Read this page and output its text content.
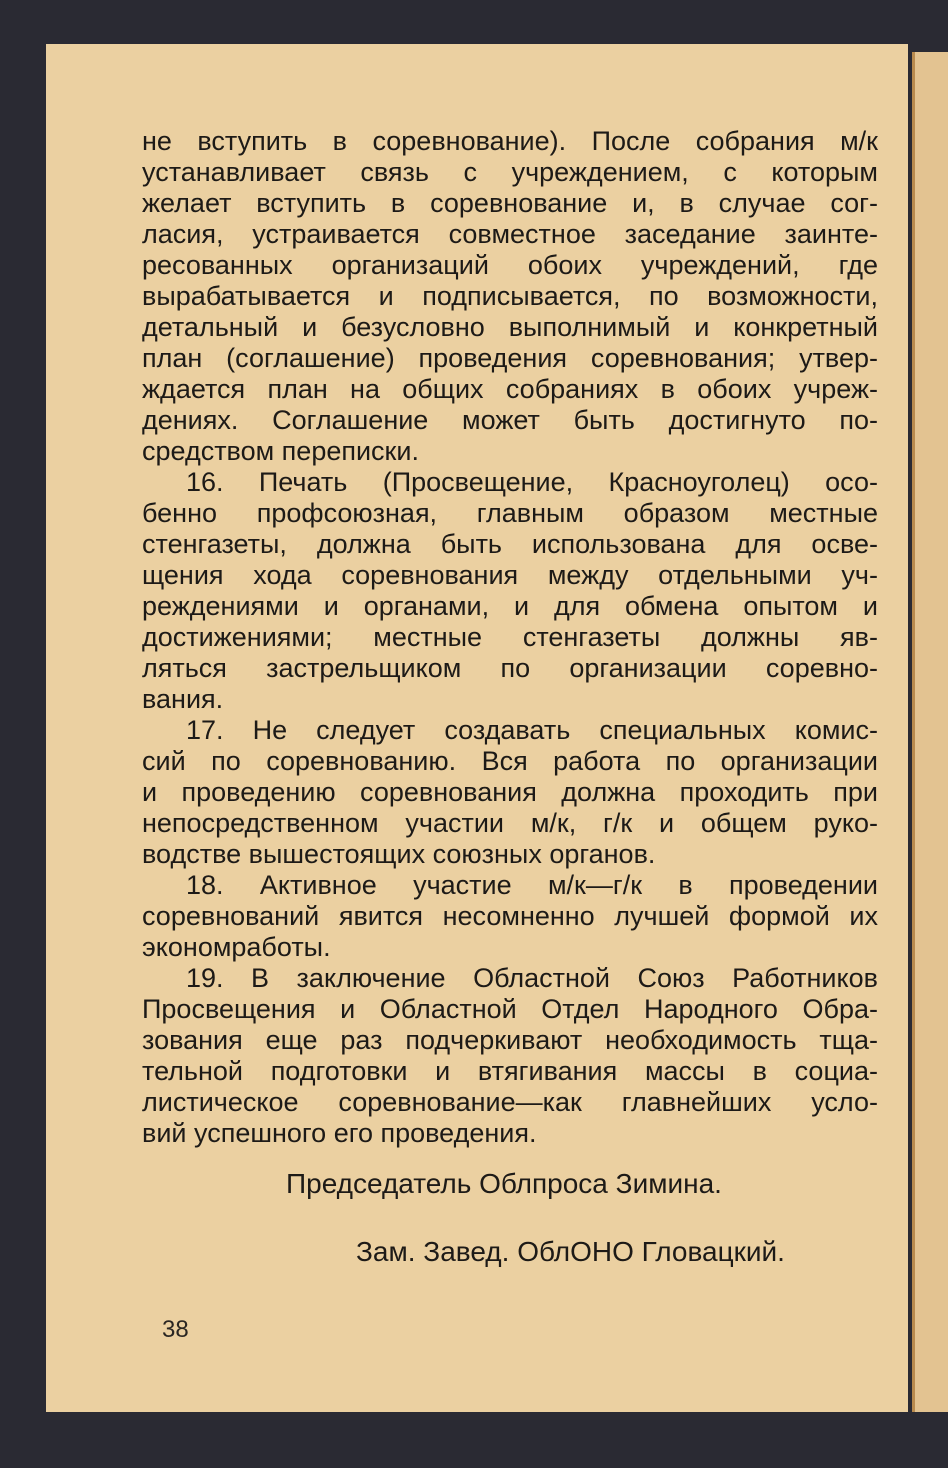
не вступить в соревнование). После собрания м/к
устанавливает связь с учреждением, с которым
желает вступить в соревнование и, в случае сог-
ласия, устраивается совместное заседание заинте-
ресованных организаций обоих учреждений, где
вырабатывается и подписывается, по возможности,
детальный и безусловно выполнимый и конкретный
план (соглашение) проведения соревнования; утвер-
ждается план на общих собраниях в обоих учреж-
дениях. Соглашение может быть достигнуто по-
средством переписки.
16. Печать (Просвещение, Красноуголец) осо-
бенно профсоюзная, главным образом местные
стенгазеты, должна быть использована для осве-
щения хода соревнования между отдельными уч-
реждениями и органами, и для обмена опытом и
достижениями; местные стенгазеты должны яв-
ляться застрельщиком по организации соревно-
вания.
17. Не следует создавать специальных комис-
сий по соревнованию. Вся работа по организации
и проведению соревнования должна проходить при
непосредственном участии м/к, г/к и общем руко-
водстве вышестоящих союзных органов.
18. Активное участие м/к—г/к в проведении
соревнований явится несомненно лучшей формой их
экономработы.
19. В заключение Областной Союз Работников
Просвещения и Областной Отдел Народного Обра-
зования еще раз подчеркивают необходимость тща-
тельной подготовки и втягивания массы в социа-
листическое соревнование—как главнейших усло-
вий успешного его проведения.
Председатель Облпроса Зимина.
Зам. Завед. ОблОНО Гловацкий.
38
